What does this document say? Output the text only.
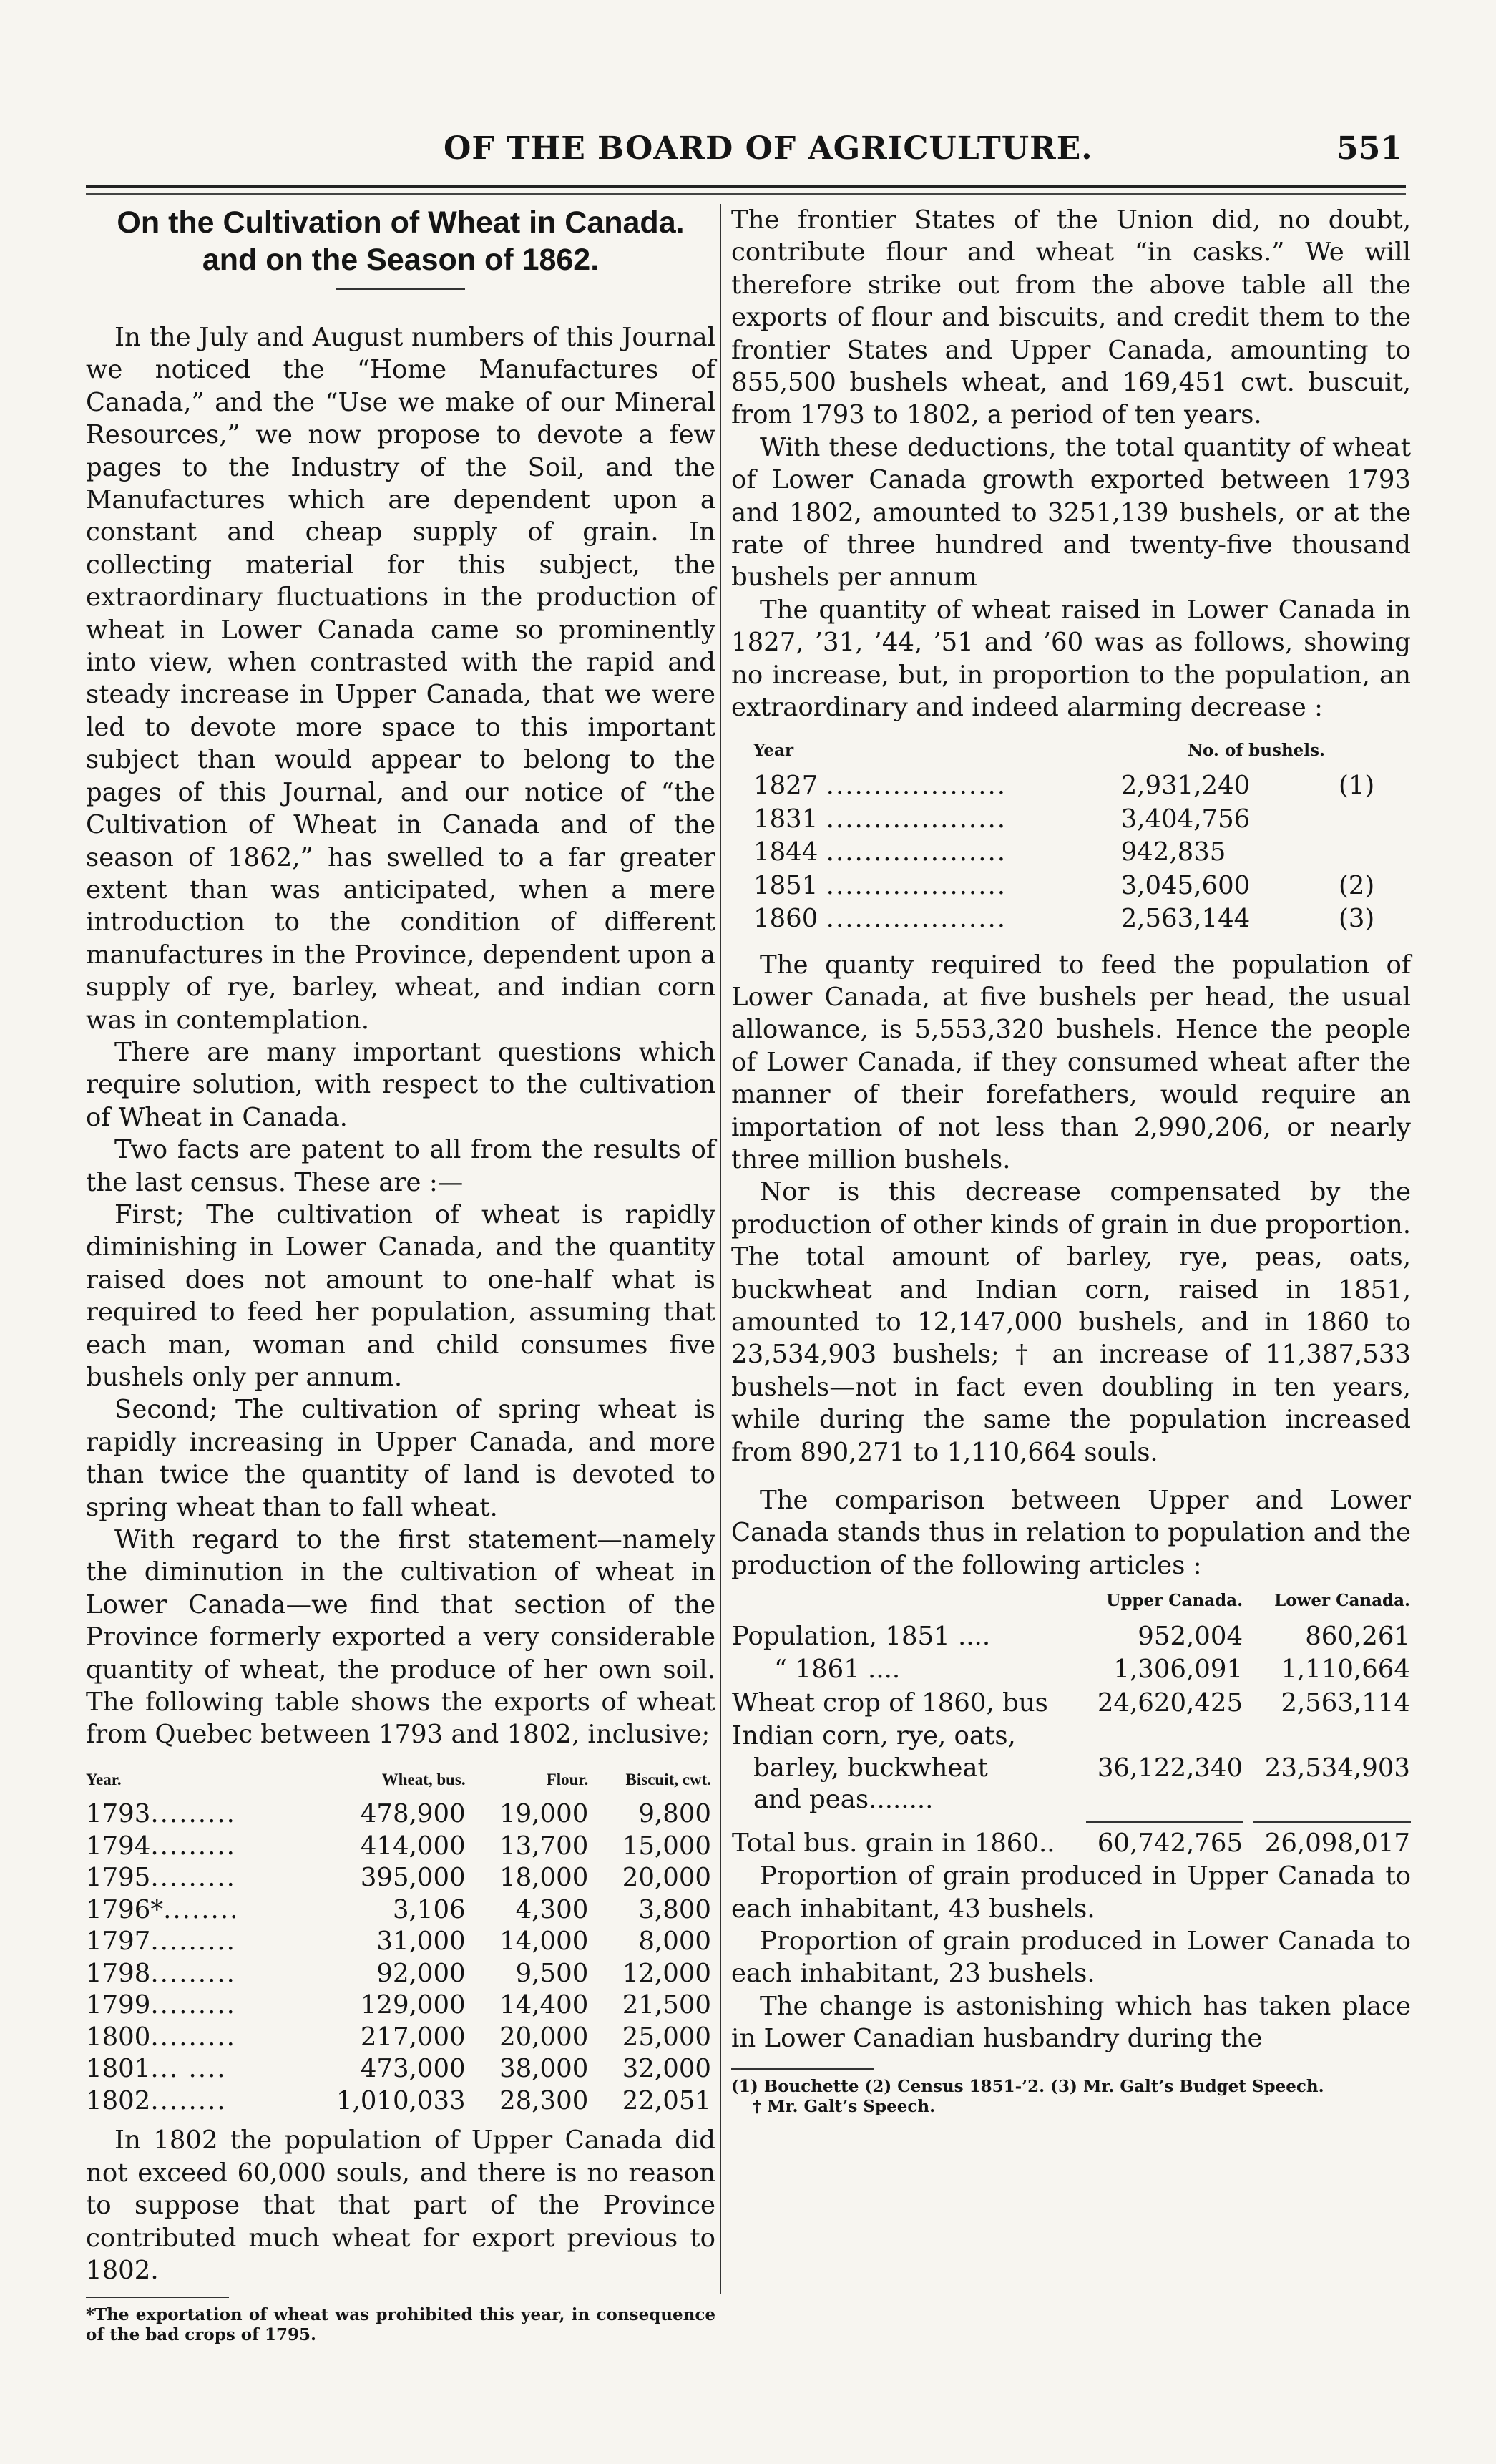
OF THE BOARD OF AGRICULTURE.	551
On the Cultivation of Wheat in Canada.
and on the Season of 1862.

In the July and August numbers of this Journal we noticed the “Home Manufactures of Canada,” and the “Use we make of our Mineral Resources,” we now propose to devote a few pages to the Industry of the Soil, and the Manufactures which are dependent upon a constant and cheap supply of grain. In collecting material for this subject, the extraordinary fluctuations in the production of wheat in Lower Canada came so prominently into view, when contrasted with the rapid and steady increase in Upper Canada, that we were led to devote more space to this important subject than would appear to belong to the pages of this Journal, and our notice of “the Cultivation of Wheat in Canada and of the season of 1862,” has swelled to a far greater extent than was anticipated, when a mere introduction to the condition of different manufactures in the Province, dependent upon a supply of rye, barley, wheat, and indian corn was in contemplation.

There are many important questions which require solution, with respect to the cultivation of Wheat in Canada.

Two facts are patent to all from the results of the last census. These are :—

First; The cultivation of wheat is rapidly diminishing in Lower Canada, and the quantity raised does not amount to one-half what is required to feed her population, assuming that each man, woman and child consumes five bushels only per annum.

Second; The cultivation of spring wheat is rapidly increasing in Upper Canada, and more than twice the quantity of land is devoted to spring wheat than to fall wheat.

With regard to the first statement—namely the diminution in the cultivation of wheat in Lower Canada—we find that section of the Province formerly exported a very considerable quantity of wheat, the produce of her own soil. The following table shows the exports of wheat from Quebec between 1793 and 1802, inclusive;

Year.	Wheat, bus.	Flour.	Biscuit, cwt.
1793.........	478,900	19,000	9,800
1794.........	414,000	13,700	15,000
1795.........	395,000	18,000	20,000
1796*........	3,106	4,300	3,800
1797.........	31,000	14,000	8,000
1798.........	92,000	9,500	12,000
1799.........	129,000	14,400	21,500
1800.........	217,000	20,000	25,000
1801... ....	473,000	38,000	32,000
1802........	1,010,033	28,300	22,051

In 1802 the population of Upper Canada did not exceed 60,000 souls, and there is no reason to suppose that that part of the Province contributed much wheat for export previous to 1802.

*The exportation of wheat was prohibited this year, in consequence of the bad crops of 1795.

The frontier States of the Union did, no doubt, contribute flour and wheat “in casks.” We will therefore strike out from the above table all the exports of flour and biscuits, and credit them to the frontier States and Upper Canada, amounting to 855,500 bushels wheat, and 169,451 cwt. buscuit, from 1793 to 1802, a period of ten years.

With these deductions, the total quantity of wheat of Lower Canada growth exported between 1793 and 1802, amounted to 3251,139 bushels, or at the rate of three hundred and twenty-five thousand bushels per annum

The quantity of wheat raised in Lower Canada in 1827, ’31, ’44, ’51 and ’60 was as follows, showing no increase, but, in proportion to the population, an extraordinary and indeed alarming decrease :

Year	No. of bushels.	
1827 ...................	2,931,240	(1)
1831 ...................	3,404,756	
1844 ...................	942,835	
1851 ...................	3,045,600	(2)
1860 ...................	2,563,144	(3)

The quanty required to feed the population of Lower Canada, at five bushels per head, the usual allowance, is 5,553,320 bushels. Hence the people of Lower Canada, if they consumed wheat after the manner of their forefathers, would require an importation of not less than 2,990,206, or nearly three million bushels.

Nor is this decrease compensated by the production of other kinds of grain in due proportion. The total amount of barley, rye, peas, oats, buckwheat and Indian corn, raised in 1851, amounted to 12,147,000 bushels, and in 1860 to 23,534,903 bushels; † an increase of 11,387,533 bushels—not in fact even doubling in ten years, while during the same the population increased from 890,271 to 1,110,664 souls.

The comparison between Upper and Lower Canada stands thus in relation to population and the production of the following articles :

	Upper Canada.	Lower Canada.
Population, 1851 ....	952,004	860,261
“ 1861 ....	1,306,091	1,110,664
Wheat crop of 1860, bus	24,620,425	2,563,114

Indian corn, rye, oats,
barley, buckwheat
and peas........	36,122,340	23,534,903

Total bus. grain in 1860..	60,742,765	26,098,017

Proportion of grain produced in Upper Canada to each inhabitant, 43 bushels.

Proportion of grain produced in Lower Canada to each inhabitant, 23 bushels.

The change is astonishing which has taken place in Lower Canadian husbandry during the

(1) Bouchette (2) Census 1851-’2. (3) Mr. Galt’s Budget Speech.

† Mr. Galt’s Speech.
